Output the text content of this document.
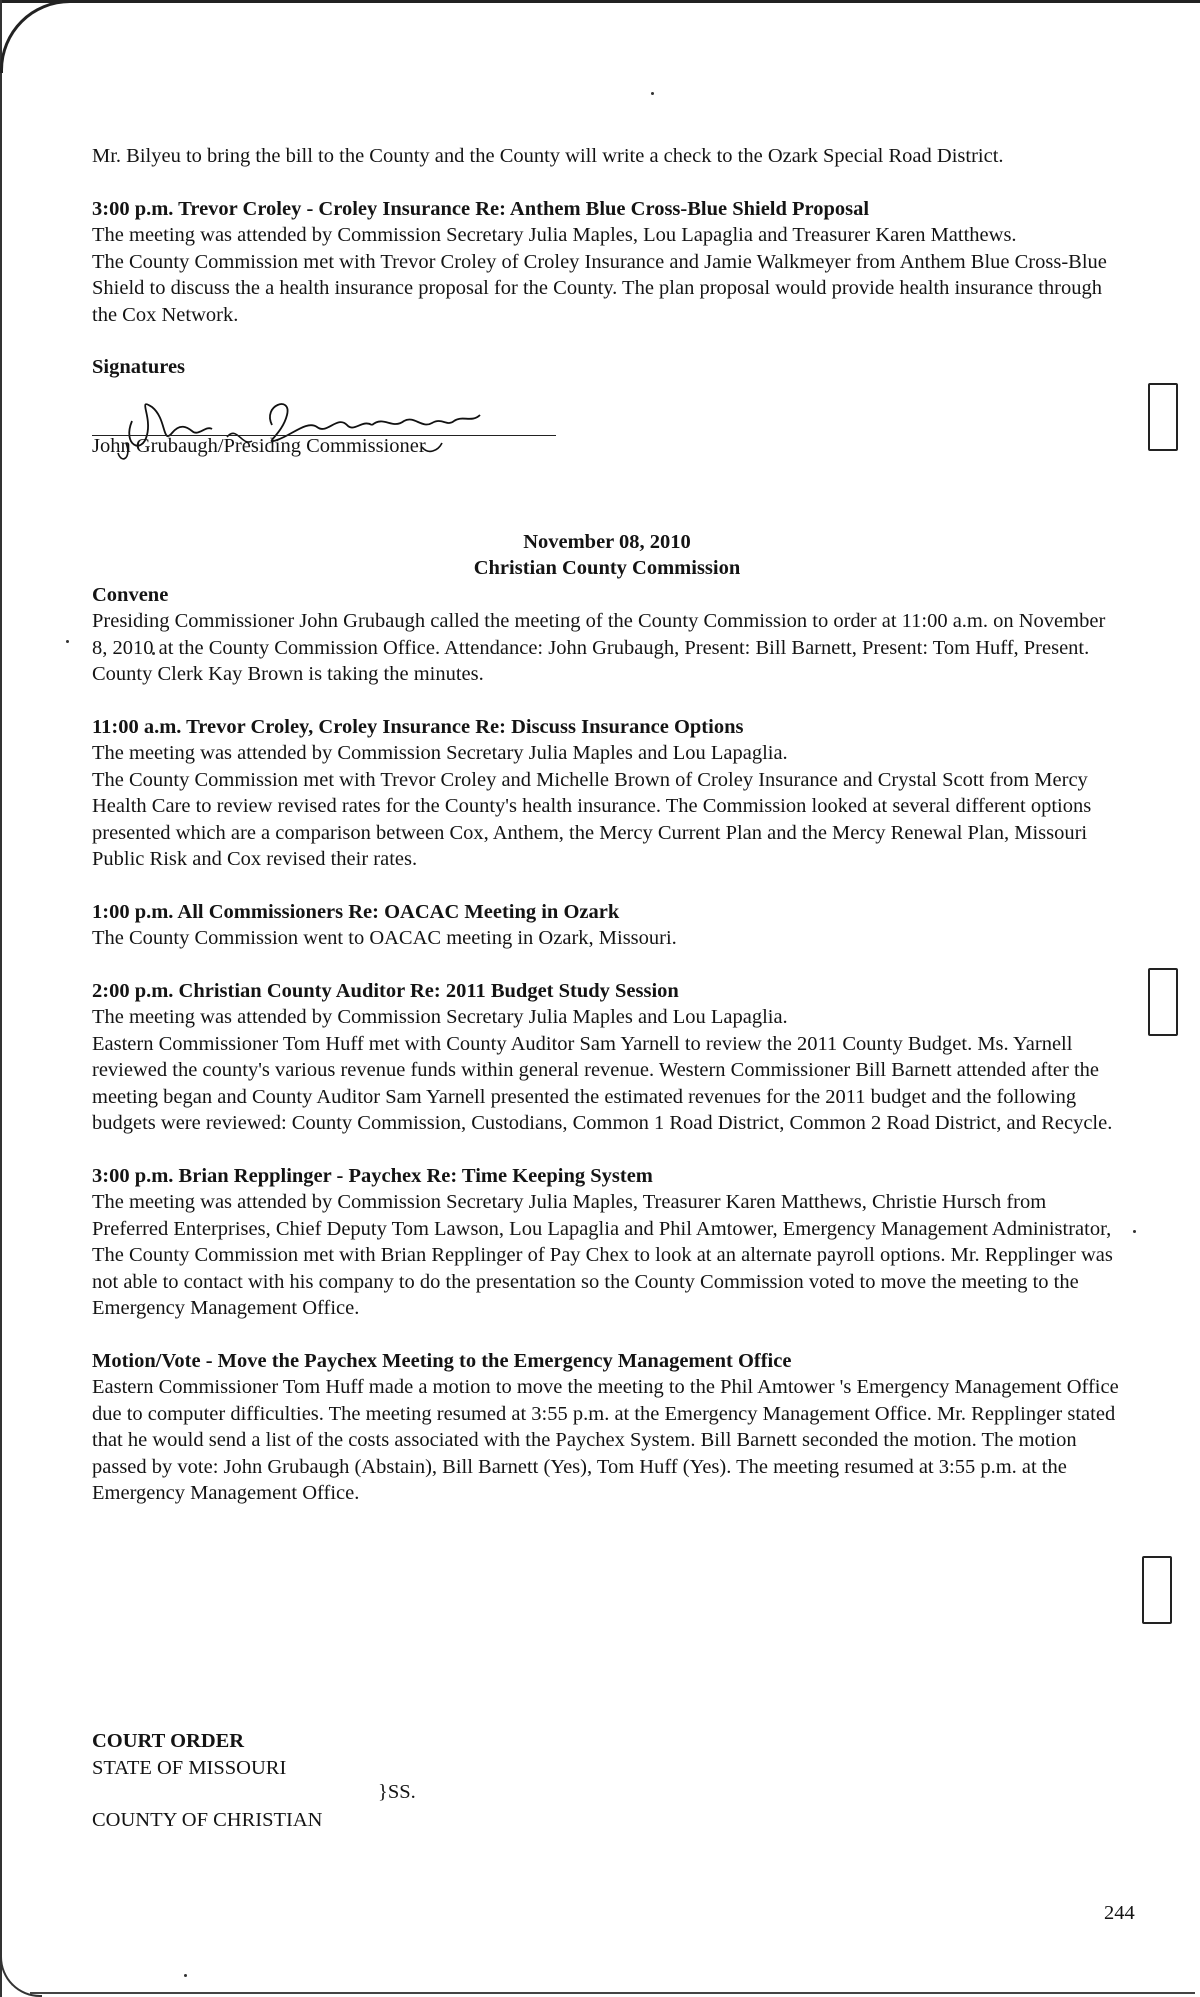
Mr. Bilyeu to bring the bill to the County and the County will write a check to the Ozark Special Road District.

3:00 p.m. Trevor Croley - Croley Insurance Re: Anthem Blue Cross-Blue Shield Proposal

The meeting was attended by Commission Secretary Julia Maples, Lou Lapaglia and Treasurer Karen Matthews.

The County Commission met with Trevor Croley of Croley Insurance and Jamie Walkmeyer from Anthem Blue Cross-Blue Shield to discuss the a health insurance proposal for the County. The plan proposal would provide health insurance through the Cox Network.

Signatures

John Grubaugh/Presiding Commissioner

November 08, 2010

Christian County Commission

Convene

Presiding Commissioner John Grubaugh called the meeting of the County Commission to order at 11:00 a.m. on November 8, 2010 at the County Commission Office. Attendance: John Grubaugh, Present: Bill Barnett, Present: Tom Huff, Present. County Clerk Kay Brown is taking the minutes.

11:00 a.m. Trevor Croley, Croley Insurance Re: Discuss Insurance Options

The meeting was attended by Commission Secretary Julia Maples and Lou Lapaglia.

The County Commission met with Trevor Croley and Michelle Brown of Croley Insurance and Crystal Scott from Mercy Health Care to review revised rates for the County's health insurance. The Commission looked at several different options presented which are a comparison between Cox, Anthem, the Mercy Current Plan and the Mercy Renewal Plan, Missouri Public Risk and Cox revised their rates.

1:00 p.m. All Commissioners Re: OACAC Meeting in Ozark

The County Commission went to OACAC meeting in Ozark, Missouri.

2:00 p.m. Christian County Auditor Re: 2011 Budget Study Session

The meeting was attended by Commission Secretary Julia Maples and Lou Lapaglia.

Eastern Commissioner Tom Huff met with County Auditor Sam Yarnell to review the 2011 County Budget. Ms. Yarnell reviewed the county's various revenue funds within general revenue. Western Commissioner Bill Barnett attended after the meeting began and County Auditor Sam Yarnell presented the estimated revenues for the 2011 budget and the following budgets were reviewed: County Commission, Custodians, Common 1 Road District, Common 2 Road District, and Recycle.

3:00 p.m. Brian Repplinger - Paychex Re: Time Keeping System

The meeting was attended by Commission Secretary Julia Maples, Treasurer Karen Matthews, Christie Hursch from Preferred Enterprises, Chief Deputy Tom Lawson, Lou Lapaglia and Phil Amtower, Emergency Management Administrator,

The County Commission met with Brian Repplinger of Pay Chex to look at an alternate payroll options. Mr. Repplinger was not able to contact with his company to do the presentation so the County Commission voted to move the meeting to the Emergency Management Office.

Motion/Vote - Move the Paychex Meeting to the Emergency Management Office

Eastern Commissioner Tom Huff made a motion to move the meeting to the Phil Amtower 's Emergency Management Office due to computer difficulties. The meeting resumed at 3:55 p.m. at the Emergency Management Office. Mr. Repplinger stated that he would send a list of the costs associated with the Paychex System. Bill Barnett seconded the motion. The motion passed by vote: John Grubaugh (Abstain), Bill Barnett (Yes), Tom Huff (Yes). The meeting resumed at 3:55 p.m. at the Emergency Management Office.

COURT ORDER

STATE OF MISSOURI

COUNTY OF CHRISTIAN

}SS.
244
